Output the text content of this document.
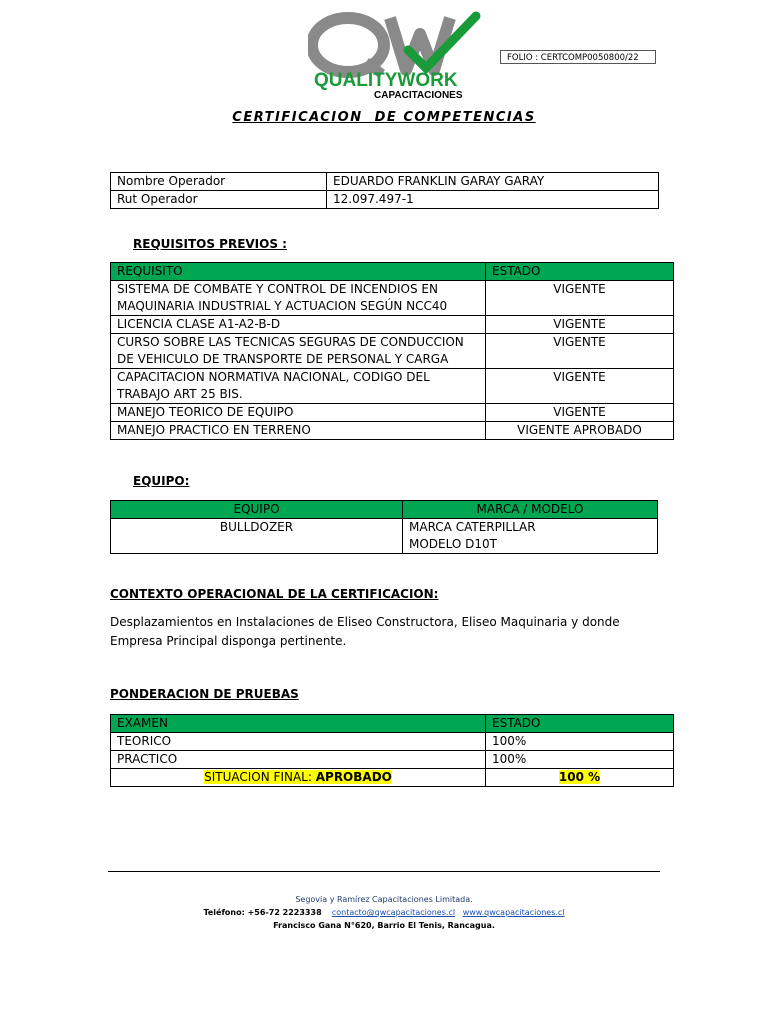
QUALITYWORK
CAPACITACIONES
FOLIO : CERTCOMP0050800/22
CERTIFICACION  DE COMPETENCIAS
Nombre Operador	EDUARDO FRANKLIN GARAY GARAY
Rut Operador	12.097.497-1
REQUISITOS PREVIOS :
REQUISITO	ESTADO
SISTEMA DE COMBATE Y CONTROL DE INCENDIOS EN MAQUINARIA INDUSTRIAL Y ACTUACION SEGÚN NCC40	VIGENTE
LICENCIA CLASE A1-A2-B-D	VIGENTE
CURSO SOBRE LAS TECNICAS SEGURAS DE CONDUCCION DE VEHICULO DE TRANSPORTE DE PERSONAL Y CARGA	VIGENTE
CAPACITACION NORMATIVA NACIONAL, CODIGO DEL TRABAJO ART 25 BIS.	VIGENTE
MANEJO TEORICO DE EQUIPO	VIGENTE
MANEJO PRACTICO EN TERRENO	VIGENTE APROBADO
EQUIPO:
EQUIPO	MARCA / MODELO
BULLDOZER	MARCA CATERPILLAR
MODELO D10T
CONTEXTO OPERACIONAL DE LA CERTIFICACION:
Desplazamientos en Instalaciones de Eliseo Constructora, Eliseo Maquinaria y donde Empresa Principal disponga pertinente.
PONDERACION DE PRUEBAS
EXAMEN	ESTADO
TEORICO	100%
PRACTICO	100%
SITUACION FINAL: APROBADO	100 %
Segovia y Ramírez Capacitaciones Limitada.
Teléfono: +56-72 2223338 contacto@qwcapacitaciones.cl www.qwcapacitaciones.cl
Francisco Gana N°620, Barrio El Tenis, Rancagua.
